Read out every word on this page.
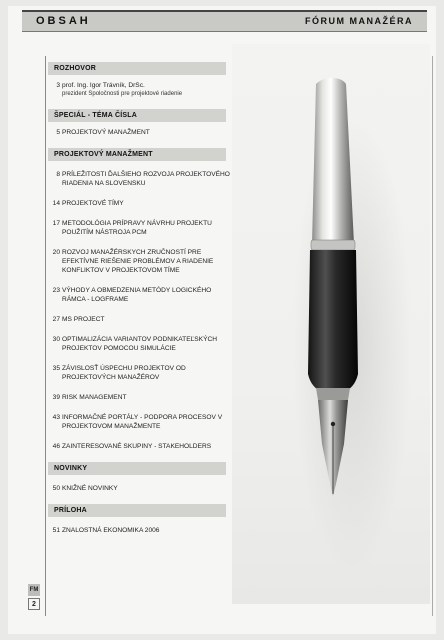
OBSAH	FÓRUM MANAŽÉRA
ROZHOVOR
3 prof. Ing. Igor Trávník, DrSc.
prezident Spoločnosti pre projektové riadenie
ŠPECIÁL - TÉMA ČÍSLA
5 PROJEKTOVÝ MANAŽMENT
PROJEKTOVÝ MANAŽMENT
8 PRÍLEŽITOSTI ĎALŠIEHO ROZVOJA PROJEKTOVÉHO RIADENIA NA SLOVENSKU
14 PROJEKTOVÉ TÍMY
17 METODOLÓGIA PRÍPRAVY NÁVRHU PROJEKTU POUŽITÍM NÁSTROJA PCM
20 ROZVOJ MANAŽÉRSKYCH ZRUČNOSTÍ PRE EFEKTÍVNE RIEŠENIE PROBLÉMOV A RIADENIE KONFLIKTOV V PROJEKTOVOM TÍME
23 VÝHODY A OBMEDZENIA METÓDY LOGICKÉHO RÁMCA - LOGFRAME
27 MS PROJECT
30 OPTIMALIZÁCIA VARIANTOV PODNIKATEĽSKÝCH PROJEKTOV POMOCOU SIMULÁCIE
35 ZÁVISLOSŤ ÚSPECHU PROJEKTOV OD PROJEKTOVÝCH MANAŽÉROV
39 RISK MANAGEMENT
43 INFORMAČNÉ PORTÁLY - PODPORA PROCESOV V PROJEKTOVOM MANAŽMENTE
46 ZAINTERESOVANÉ SKUPINY - STAKEHOLDERS
NOVINKY
50 KNIŽNÉ NOVINKY
PRÍLOHA
51 ZNALOSTNÁ EKONOMIKA 2006
FM
2
